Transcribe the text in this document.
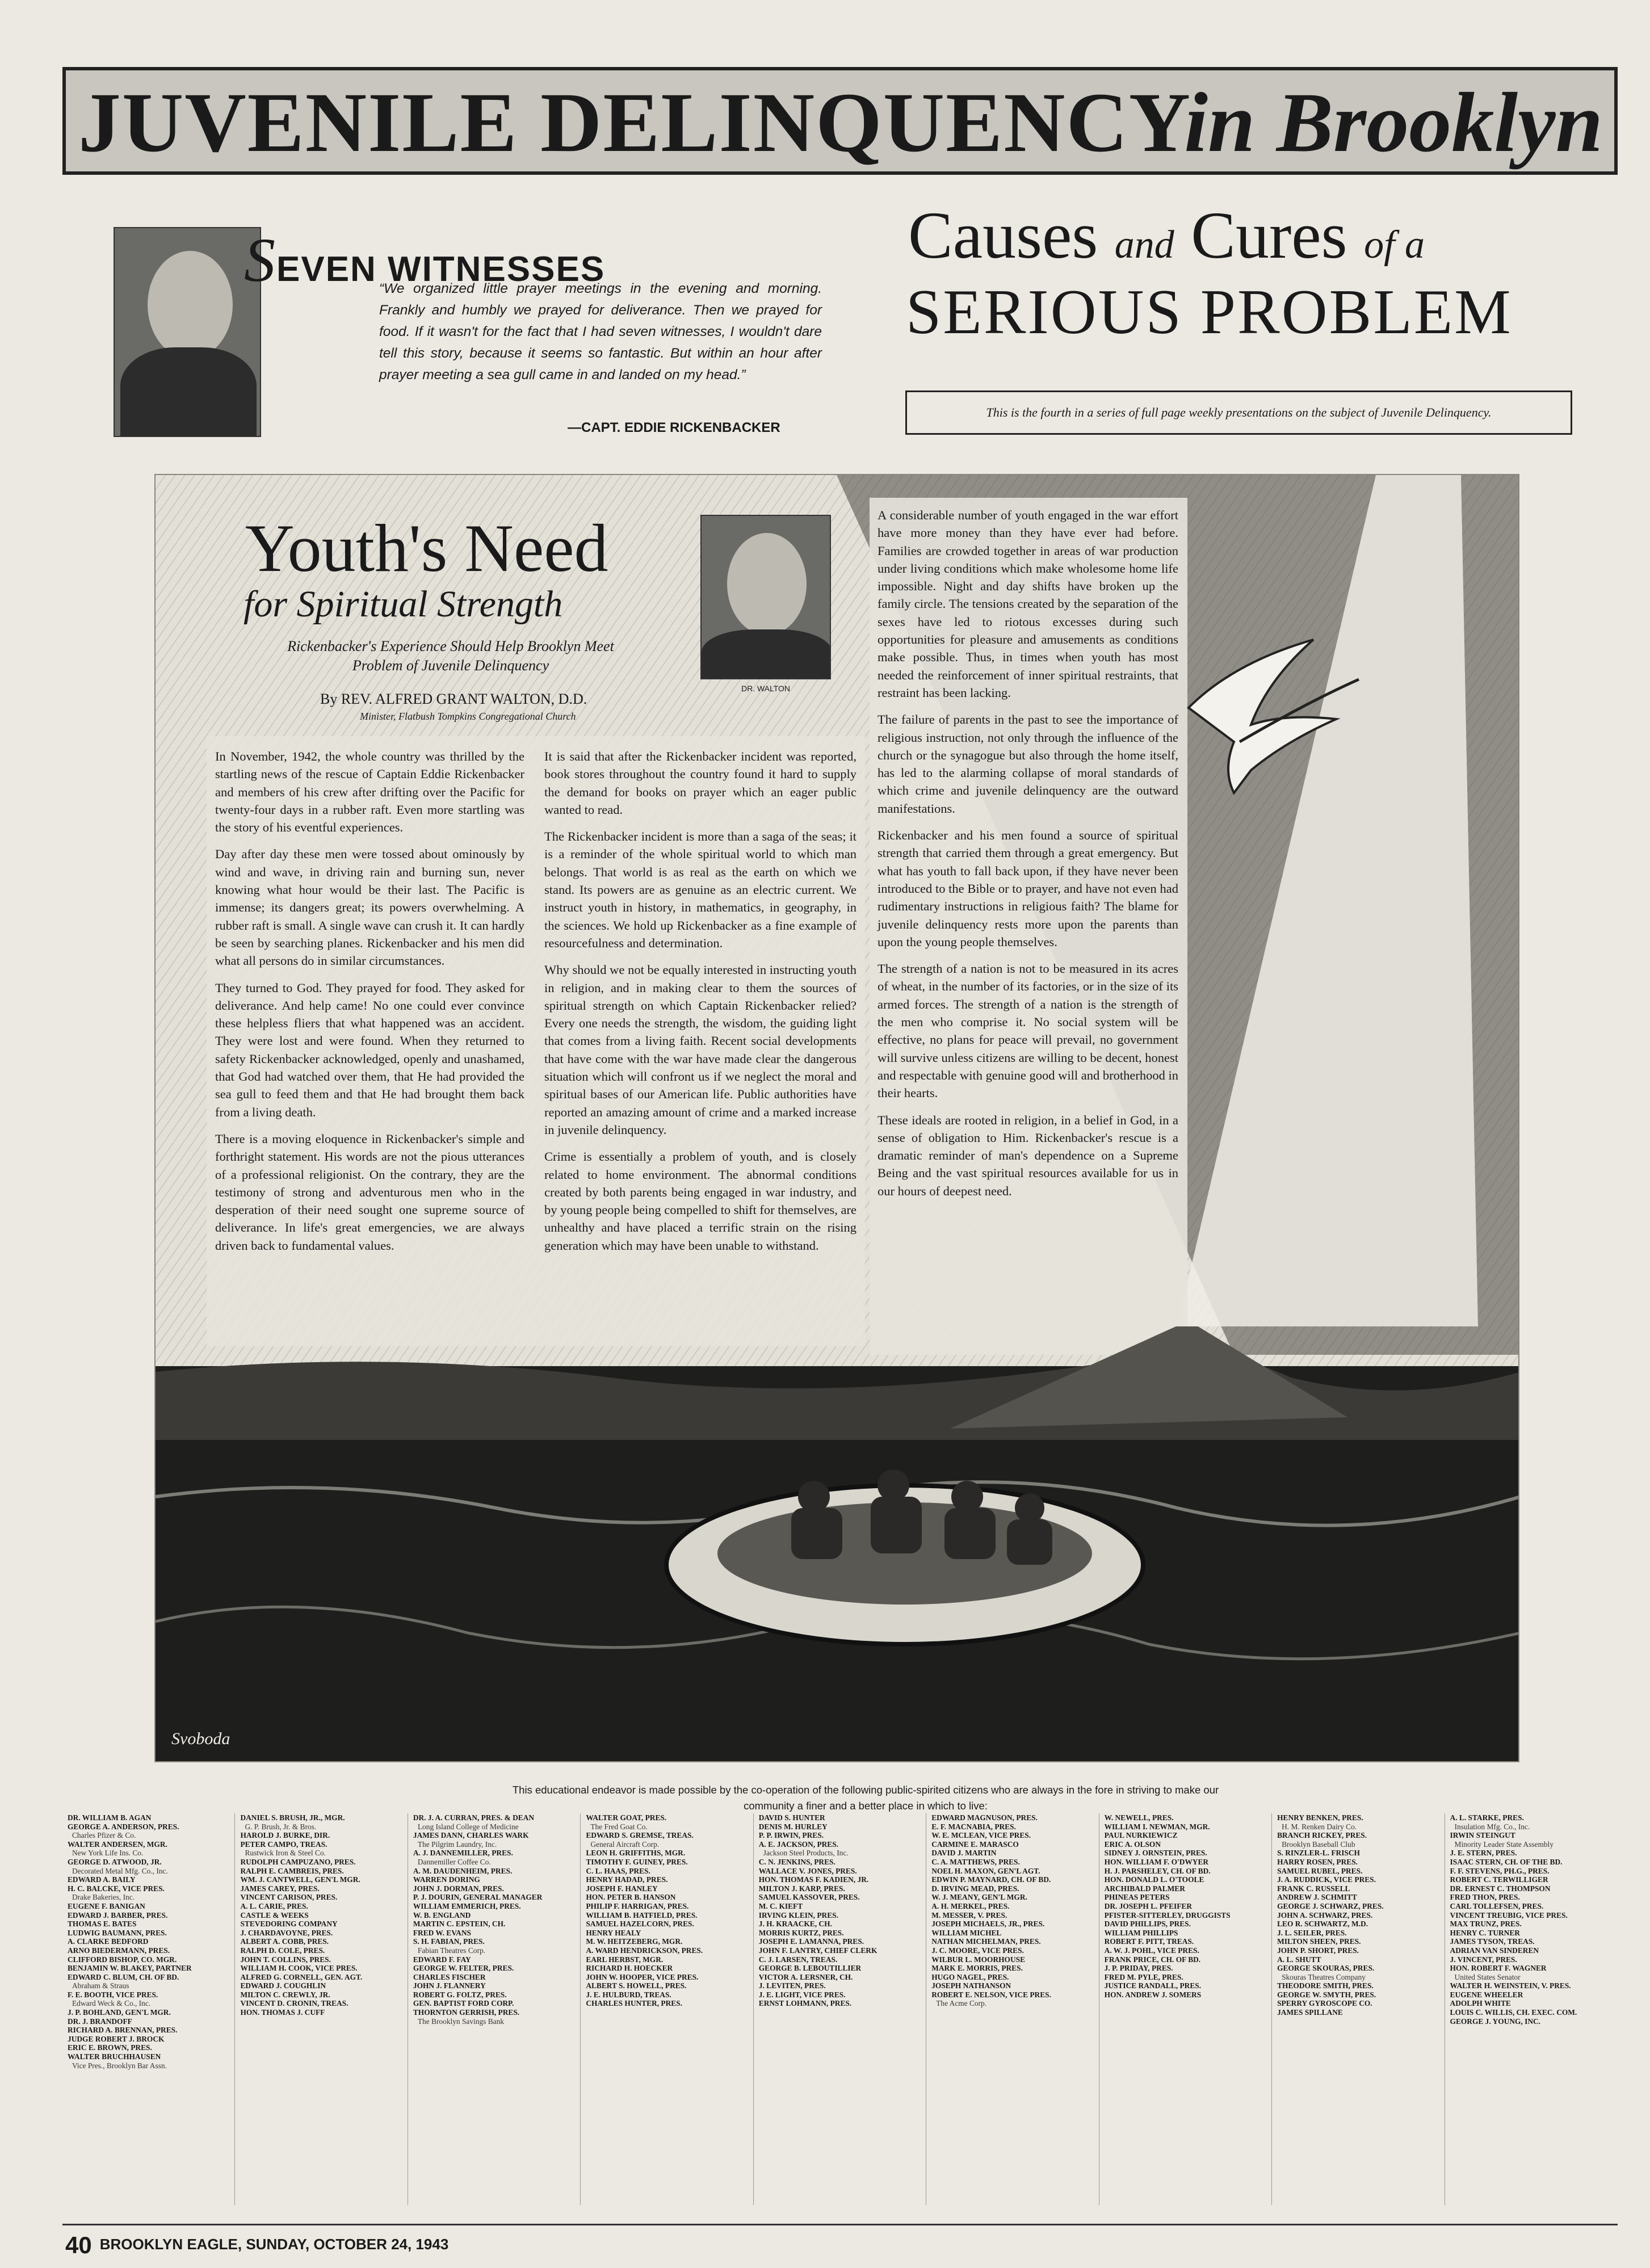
JUVENILE DELINQUENCY
in Brooklyn
SEVEN WITNESSES
“We organized little prayer meetings in the evening and morning. Frankly and humbly we prayed for deliverance. Then we prayed for food. If it wasn't for the fact that I had seven witnesses, I wouldn't dare tell this story, because it seems so fantastic. But within an hour after prayer meeting a sea gull came in and landed on my head.”
—CAPT. EDDIE RICKENBACKER
Causes and Cures of a
SERIOUS PROBLEM
This is the fourth in a series of full page weekly presentations on the subject of Juvenile Delinquency.
Youth's Need
for Spiritual Strength
Rickenbacker's Experience Should Help Brooklyn Meet Problem of Juvenile Delinquency
By REV. ALFRED GRANT WALTON, D.D.
Minister, Flatbush Tompkins Congregational Church
DR. WALTON

In November, 1942, the whole country was thrilled by the startling news of the rescue of Captain Eddie Rickenbacker and members of his crew after drifting over the Pacific for twenty-four days in a rubber raft. Even more startling was the story of his eventful experiences.

Day after day these men were tossed about ominously by wind and wave, in driving rain and burning sun, never knowing what hour would be their last. The Pacific is immense; its dangers great; its powers overwhelming. A rubber raft is small. A single wave can crush it. It can hardly be seen by searching planes. Rickenbacker and his men did what all persons do in similar circumstances.

They turned to God. They prayed for food. They asked for deliverance. And help came! No one could ever convince these helpless fliers that what happened was an accident. They were lost and were found. When they returned to safety Rickenbacker acknowledged, openly and unashamed, that God had watched over them, that He had provided the sea gull to feed them and that He had brought them back from a living death.

There is a moving eloquence in Rickenbacker's simple and forthright statement. His words are not the pious utterances of a professional religionist. On the contrary, they are the testimony of strong and adventurous men who in the desperation of their need sought one supreme source of deliverance. In life's great emergencies, we are always driven back to fundamental values.

It is said that after the Rickenbacker incident was reported, book stores throughout the country found it hard to supply the demand for books on prayer which an eager public wanted to read.

The Rickenbacker incident is more than a saga of the seas; it is a reminder of the whole spiritual world to which man belongs. That world is as real as the earth on which we stand. Its powers are as genuine as an electric current. We instruct youth in history, in mathematics, in geography, in the sciences. We hold up Rickenbacker as a fine example of resourcefulness and determination.

Why should we not be equally interested in instructing youth in religion, and in making clear to them the sources of spiritual strength on which Captain Rickenbacker relied? Every one needs the strength, the wisdom, the guiding light that comes from a living faith. Recent social developments that have come with the war have made clear the dangerous situation which will confront us if we neglect the moral and spiritual bases of our American life. Public authorities have reported an amazing amount of crime and a marked increase in juvenile delinquency.

Crime is essentially a problem of youth, and is closely related to home environment. The abnormal conditions created by both parents being engaged in war industry, and by young people being compelled to shift for themselves, are unhealthy and have placed a terrific strain on the rising generation which may have been unable to withstand.

A considerable number of youth engaged in the war effort have more money than they have ever had before. Families are crowded together in areas of war production under living conditions which make wholesome home life impossible. Night and day shifts have broken up the family circle. The tensions created by the separation of the sexes have led to riotous excesses during such opportunities for pleasure and amusements as conditions make possible. Thus, in times when youth has most needed the reinforcement of inner spiritual restraints, that restraint has been lacking.

The failure of parents in the past to see the importance of religious instruction, not only through the influence of the church or the synagogue but also through the home itself, has led to the alarming collapse of moral standards of which crime and juvenile delinquency are the outward manifestations.

Rickenbacker and his men found a source of spiritual strength that carried them through a great emergency. But what has youth to fall back upon, if they have never been introduced to the Bible or to prayer, and have not even had rudimentary instructions in religious faith? The blame for juvenile delinquency rests more upon the parents than upon the young people themselves.

The strength of a nation is not to be measured in its acres of wheat, in the number of its factories, or in the size of its armed forces. The strength of a nation is the strength of the men who comprise it. No social system will be effective, no plans for peace will prevail, no government will survive unless citizens are willing to be decent, honest and respectable with genuine good will and brotherhood in their hearts.

These ideals are rooted in religion, in a belief in God, in a sense of obligation to Him. Rickenbacker's rescue is a dramatic reminder of man's dependence on a Supreme Being and the vast spiritual resources available for us in our hours of deepest need.

Svoboda
This educational endeavor is made possible by the co-operation of the following public-spirited citizens who are always in the fore in striving to make our community a finer and a better place in which to live:
DR. WILLIAM B. AGAN
GEORGE A. ANDERSON, PRES.
Charles Pfizer & Co.
WALTER ANDERSEN, MGR.
New York Life Ins. Co.
GEORGE D. ATWOOD, JR.
Decorated Metal Mfg. Co., Inc.
EDWARD A. BAILY
H. C. BALCKE, VICE PRES.
Drake Bakeries, Inc.
EUGENE F. BANIGAN
EDWARD J. BARBER, PRES.
THOMAS E. BATES
LUDWIG BAUMANN, PRES.
A. CLARKE BEDFORD
ARNO BIEDERMANN, PRES.
CLIFFORD BISHOP, CO. MGR.
BENJAMIN W. BLAKEY, PARTNER
EDWARD C. BLUM, CH. OF BD.
Abraham & Straus
F. E. BOOTH, VICE PRES.
Edward Weck & Co., Inc.
J. P. BOHLAND, GEN'L MGR.
DR. J. BRANDOFF
RICHARD A. BRENNAN, PRES.
JUDGE ROBERT J. BROCK
ERIC E. BROWN, PRES.
WALTER BRUCHHAUSEN
Vice Pres., Brooklyn Bar Assn.
DANIEL S. BRUSH, JR., MGR.
G. P. Brush, Jr. & Bros.
HAROLD J. BURKE, DIR.
PETER CAMPO, TREAS.
Rustwick Iron & Steel Co.
RUDOLPH CAMPUZANO, PRES.
RALPH E. CAMBREIS, PRES.
WM. J. CANTWELL, GEN'L MGR.
JAMES CAREY, PRES.
VINCENT CARISON, PRES.
A. L. CARIE, PRES.
CASTLE & WEEKS
STEVEDORING COMPANY
J. CHARDAVOYNE, PRES.
ALBERT A. COBB, PRES.
RALPH D. COLE, PRES.
JOHN T. COLLINS, PRES.
WILLIAM H. COOK, VICE PRES.
ALFRED G. CORNELL, GEN. AGT.
EDWARD J. COUGHLIN
MILTON C. CREWLY, JR.
VINCENT D. CRONIN, TREAS.
HON. THOMAS J. CUFF
DR. J. A. CURRAN, PRES. & DEAN
Long Island College of Medicine
JAMES DANN, CHARLES WARK
The Pilgrim Laundry, Inc.
A. J. DANNEMILLER, PRES.
Dannemiller Coffee Co.
A. M. DAUDENHEIM, PRES.
WARREN DORING
JOHN J. DORMAN, PRES.
P. J. DOURIN, GENERAL MANAGER
WILLIAM EMMERICH, PRES.
W. B. ENGLAND
MARTIN C. EPSTEIN, CH.
FRED W. EVANS
S. H. FABIAN, PRES.
Fabian Theatres Corp.
EDWARD F. FAY
GEORGE W. FELTER, PRES.
CHARLES FISCHER
JOHN J. FLANNERY
ROBERT G. FOLTZ, PRES.
GEN. BAPTIST FORD CORP.
THORNTON GERRISH, PRES.
The Brooklyn Savings Bank
WALTER GOAT, PRES.
The Fred Goat Co.
EDWARD S. GREMSE, TREAS.
General Aircraft Corp.
LEON H. GRIFFITHS, MGR.
TIMOTHY F. GUINEY, PRES.
C. L. HAAS, PRES.
HENRY HADAD, PRES.
JOSEPH F. HANLEY
HON. PETER B. HANSON
PHILIP F. HARRIGAN, PRES.
WILLIAM B. HATFIELD, PRES.
SAMUEL HAZELCORN, PRES.
HENRY HEALY
M. W. HEITZEBERG, MGR.
A. WARD HENDRICKSON, PRES.
EARL HERBST, MGR.
RICHARD H. HOECKER
JOHN W. HOOPER, VICE PRES.
ALBERT S. HOWELL, PRES.
J. E. HULBURD, TREAS.
CHARLES HUNTER, PRES.
DAVID S. HUNTER
DENIS M. HURLEY
P. P. IRWIN, PRES.
A. E. JACKSON, PRES.
Jackson Steel Products, Inc.
C. N. JENKINS, PRES.
WALLACE V. JONES, PRES.
HON. THOMAS F. KADIEN, JR.
MILTON J. KARP, PRES.
SAMUEL KASSOVER, PRES.
M. C. KIEFT
IRVING KLEIN, PRES.
J. H. KRAACKE, CH.
MORRIS KURTZ, PRES.
JOSEPH E. LAMANNA, PRES.
JOHN F. LANTRY, CHIEF CLERK
C. J. LARSEN, TREAS.
GEORGE B. LEBOUTILLIER
VICTOR A. LERSNER, CH.
J. LEVITEN, PRES.
J. E. LIGHT, VICE PRES.
ERNST LOHMANN, PRES.
EDWARD MAGNUSON, PRES.
E. F. MACNABIA, PRES.
W. E. MCLEAN, VICE PRES.
CARMINE E. MARASCO
DAVID J. MARTIN
C. A. MATTHEWS, PRES.
NOEL H. MAXON, GEN'L AGT.
EDWIN P. MAYNARD, CH. OF BD.
D. IRVING MEAD, PRES.
W. J. MEANY, GEN'L MGR.
A. H. MERKEL, PRES.
M. MESSER, V. PRES.
JOSEPH MICHAELS, JR., PRES.
WILLIAM MICHEL
NATHAN MICHELMAN, PRES.
J. C. MOORE, VICE PRES.
WILBUR L. MOORHOUSE
MARK E. MORRIS, PRES.
HUGO NAGEL, PRES.
JOSEPH NATHANSON
ROBERT E. NELSON, VICE PRES.
The Acme Corp.
W. NEWELL, PRES.
WILLIAM I. NEWMAN, MGR.
PAUL NURKIEWICZ
ERIC A. OLSON
SIDNEY J. ORNSTEIN, PRES.
HON. WILLIAM F. O'DWYER
H. J. PARSHELEY, CH. OF BD.
HON. DONALD L. O'TOOLE
ARCHIBALD PALMER
PHINEAS PETERS
DR. JOSEPH L. PFEIFER
PFISTER-SITTERLEY, DRUGGISTS
DAVID PHILLIPS, PRES.
WILLIAM PHILLIPS
ROBERT F. PITT, TREAS.
A. W. J. POHL, VICE PRES.
FRANK PRICE, CH. OF BD.
J. P. PRIDAY, PRES.
FRED M. PYLE, PRES.
JUSTICE RANDALL, PRES.
HON. ANDREW J. SOMERS
HENRY BENKEN, PRES.
H. M. Renken Dairy Co.
BRANCH RICKEY, PRES.
Brooklyn Baseball Club
S. RINZLER-L. FRISCH
HARRY ROSEN, PRES.
SAMUEL RUBEL, PRES.
J. A. RUDDICK, VICE PRES.
FRANK C. RUSSELL
ANDREW J. SCHMITT
GEORGE J. SCHWARZ, PRES.
JOHN A. SCHWARZ, PRES.
LEO R. SCHWARTZ, M.D.
J. L. SEILER, PRES.
MILTON SHEEN, PRES.
JOHN P. SHORT, PRES.
A. L. SHUTT
GEORGE SKOURAS, PRES.
Skouras Theatres Company
THEODORE SMITH, PRES.
GEORGE W. SMYTH, PRES.
SPERRY GYROSCOPE CO.
JAMES SPILLANE
A. L. STARKE, PRES.
Insulation Mfg. Co., Inc.
IRWIN STEINGUT
Minority Leader State Assembly
J. E. STERN, PRES.
ISAAC STERN, CH. OF THE BD.
F. F. STEVENS, PH.G., PRES.
ROBERT C. TERWILLIGER
DR. ERNEST C. THOMPSON
FRED THON, PRES.
CARL TOLLEFSEN, PRES.
VINCENT TREUBIG, VICE PRES.
MAX TRUNZ, PRES.
HENRY C. TURNER
JAMES TYSON, TREAS.
ADRIAN VAN SINDEREN
J. VINCENT, PRES.
HON. ROBERT F. WAGNER
United States Senator
WALTER H. WEINSTEIN, V. PRES.
EUGENE WHEELER
ADOLPH WHITE
LOUIS C. WILLIS, CH. EXEC. COM.
GEORGE J. YOUNG, INC.
40 BROOKLYN EAGLE, SUNDAY, OCTOBER 24, 1943
